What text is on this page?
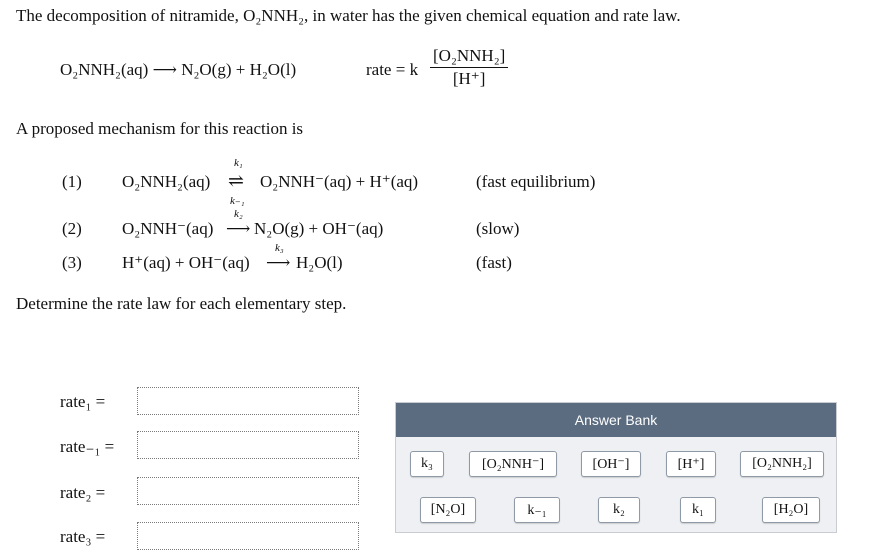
The decomposition of nitramide, O₂NNH₂, in water has the given chemical equation and rate law.
O₂NNH₂(aq) ⟶ N₂O(g) + H₂O(l)	rate = k
[O₂NNH₂]
[H⁺]
A proposed mechanism for this reaction is
(1) O₂NNH₂(aq) ⇌
k₁
k₋₁
O₂NNH⁻(aq) + H⁺(aq)	(fast equilibrium)
(2) O₂NNH⁻(aq)
k₂
⟶ N₂O(g) + OH⁻(aq)	(slow)
(3) H⁺(aq) + OH⁻(aq)
k₃
⟶ H₂O(l)	(fast)
Determine the rate law for each elementary step.
rate₁ =
rate₋₁ =
rate₂ =
rate₃ =
Answer Bank
k₃	[O₂NNH⁻]	[OH⁻]	[H⁺]	[O₂NNH₂]
[N₂O]	k₋₁	k₂	k₁	[H₂O]
